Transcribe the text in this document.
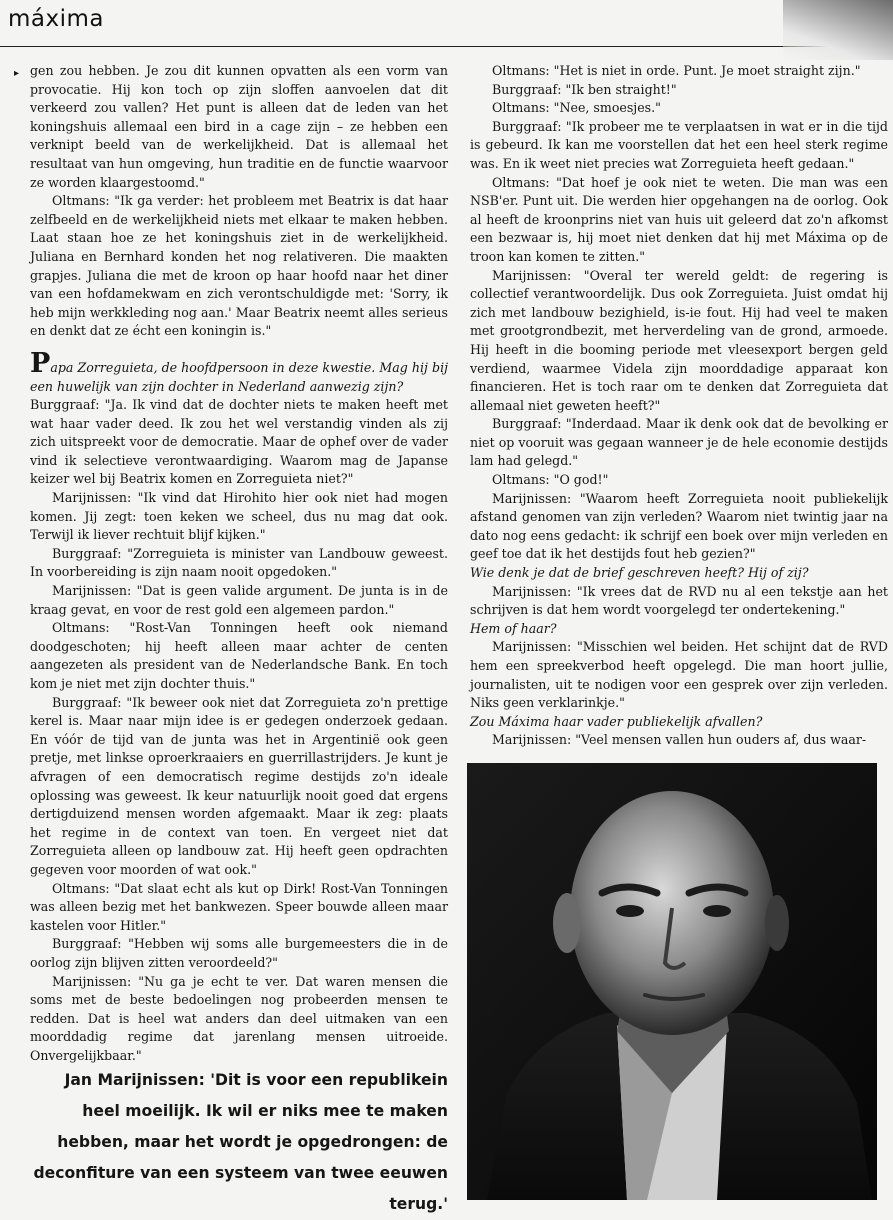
máxima
▸ gen zou hebben. Je zou dit kunnen opvatten als een vorm van provocatie. Hij kon toch op zijn sloffen aanvoelen dat dit verkeerd zou vallen? Het punt is alleen dat de leden van het koningshuis allemaal een bird in a cage zijn – ze hebben een verknipt beeld van de werkelijkheid. Dat is allemaal het resultaat van hun omgeving, hun traditie en de functie waarvoor ze worden klaargestoomd."

Oltmans: "Ik ga verder: het probleem met Beatrix is dat haar zelfbeeld en de werkelijkheid niets met elkaar te maken hebben. Laat staan hoe ze het koningshuis ziet in de werkelijkheid. Juliana en Bernhard konden het nog relativeren. Die maakten grapjes. Juliana die met de kroon op haar hoofd naar het diner van een hofdamekwam en zich verontschuldigde met: 'Sorry, ik heb mijn werkkleding nog aan.' Maar Beatrix neemt alles serieus en denkt dat ze écht een koningin is."

Papa Zorreguieta, de hoofdpersoon in deze kwestie. Mag hij bij een huwelijk van zijn dochter in Nederland aanwezig zijn?

Burggraaf: "Ja. Ik vind dat de dochter niets te maken heeft met wat haar vader deed. Ik zou het wel verstandig vinden als zij zich uitspreekt voor de democratie. Maar de ophef over de vader vind ik selectieve verontwaardiging. Waarom mag de Japanse keizer wel bij Beatrix komen en Zorreguieta niet?"

Marijnissen: "Ik vind dat Hirohito hier ook niet had mogen komen. Jij zegt: toen keken we scheel, dus nu mag dat ook. Terwijl ik liever rechtuit blijf kijken."

Burggraaf: "Zorreguieta is minister van Landbouw geweest. In voorbereiding is zijn naam nooit opgedoken."

Marijnissen: "Dat is geen valide argument. De junta is in de kraag gevat, en voor de rest gold een algemeen pardon."

Oltmans: "Rost-Van Tonningen heeft ook niemand doodgeschoten; hij heeft alleen maar achter de centen aangezeten als president van de Nederlandsche Bank. En toch kom je niet met zijn dochter thuis."

Burggraaf: "Ik beweer ook niet dat Zorreguieta zo'n prettige kerel is. Maar naar mijn idee is er gedegen onderzoek gedaan. En vóór de tijd van de junta was het in Argentinië ook geen pretje, met linkse oproerkraaiers en guerrillastrijders. Je kunt je afvragen of een democratisch regime destijds zo'n ideale oplossing was geweest. Ik keur natuurlijk nooit goed dat ergens dertigduizend mensen worden afgemaakt. Maar ik zeg: plaats het regime in de context van toen. En vergeet niet dat Zorreguieta alleen op landbouw zat. Hij heeft geen opdrachten gegeven voor moorden of wat ook."

Oltmans: "Dat slaat echt als kut op Dirk! Rost-Van Tonningen was alleen bezig met het bankwezen. Speer bouwde alleen maar kastelen voor Hitler."

Burggraaf: "Hebben wij soms alle burgemeesters die in de oorlog zijn blijven zitten veroordeeld?"

Marijnissen: "Nu ga je echt te ver. Dat waren mensen die soms met de beste bedoelingen nog probeerden mensen te redden. Dat is heel wat anders dan deel uitmaken van een moorddadig regime dat jarenlang mensen uitroeide. Onvergelijkbaar."

Jan Marijnissen: 'Dit is voor een republikein heel moeilijk. Ik wil er niks mee te maken hebben, maar het wordt je opgedrongen: de deconfiture van een systeem van twee eeuwen terug.'

Oltmans: "Het is niet in orde. Punt. Je moet straight zijn."

Burggraaf: "Ik ben straight!"

Oltmans: "Nee, smoesjes."

Burggraaf: "Ik probeer me te verplaatsen in wat er in die tijd is gebeurd. Ik kan me voorstellen dat het een heel sterk regime was. En ik weet niet precies wat Zorreguieta heeft gedaan."

Oltmans: "Dat hoef je ook niet te weten. Die man was een NSB'er. Punt uit. Die werden hier opgehangen na de oorlog. Ook al heeft de kroonprins niet van huis uit geleerd dat zo'n afkomst een bezwaar is, hij moet niet denken dat hij met Máxima op de troon kan komen te zitten."

Marijnissen: "Overal ter wereld geldt: de regering is collectief verantwoordelijk. Dus ook Zorreguieta. Juist omdat hij zich met landbouw bezighield, is-ie fout. Hij had veel te maken met grootgrondbezit, met herverdeling van de grond, armoede. Hij heeft in die booming periode met vleesexport bergen geld verdiend, waarmee Videla zijn moorddadige apparaat kon financieren. Het is toch raar om te denken dat Zorreguieta dat allemaal niet geweten heeft?"

Burggraaf: "Inderdaad. Maar ik denk ook dat de bevolking er niet op vooruit was gegaan wanneer je de hele economie destijds lam had gelegd."

Oltmans: "O god!"

Marijnissen: "Waarom heeft Zorreguieta nooit publiekelijk afstand genomen van zijn verleden? Waarom niet twintig jaar na dato nog eens gedacht: ik schrijf een boek over mijn verleden en geef toe dat ik het destijds fout heb gezien?"

Wie denk je dat de brief geschreven heeft? Hij of zij?

Marijnissen: "Ik vrees dat de RVD nu al een tekstje aan het schrijven is dat hem wordt voorgelegd ter ondertekening."

Hem of haar?

Marijnissen: "Misschien wel beiden. Het schijnt dat de RVD hem een spreekverbod heeft opgelegd. Die man hoort jullie, journalisten, uit te nodigen voor een gesprek over zijn verleden. Niks geen verklarinkje."

Zou Máxima haar vader publiekelijk afvallen?

Marijnissen: "Veel mensen vallen hun ouders af, dus waar-
